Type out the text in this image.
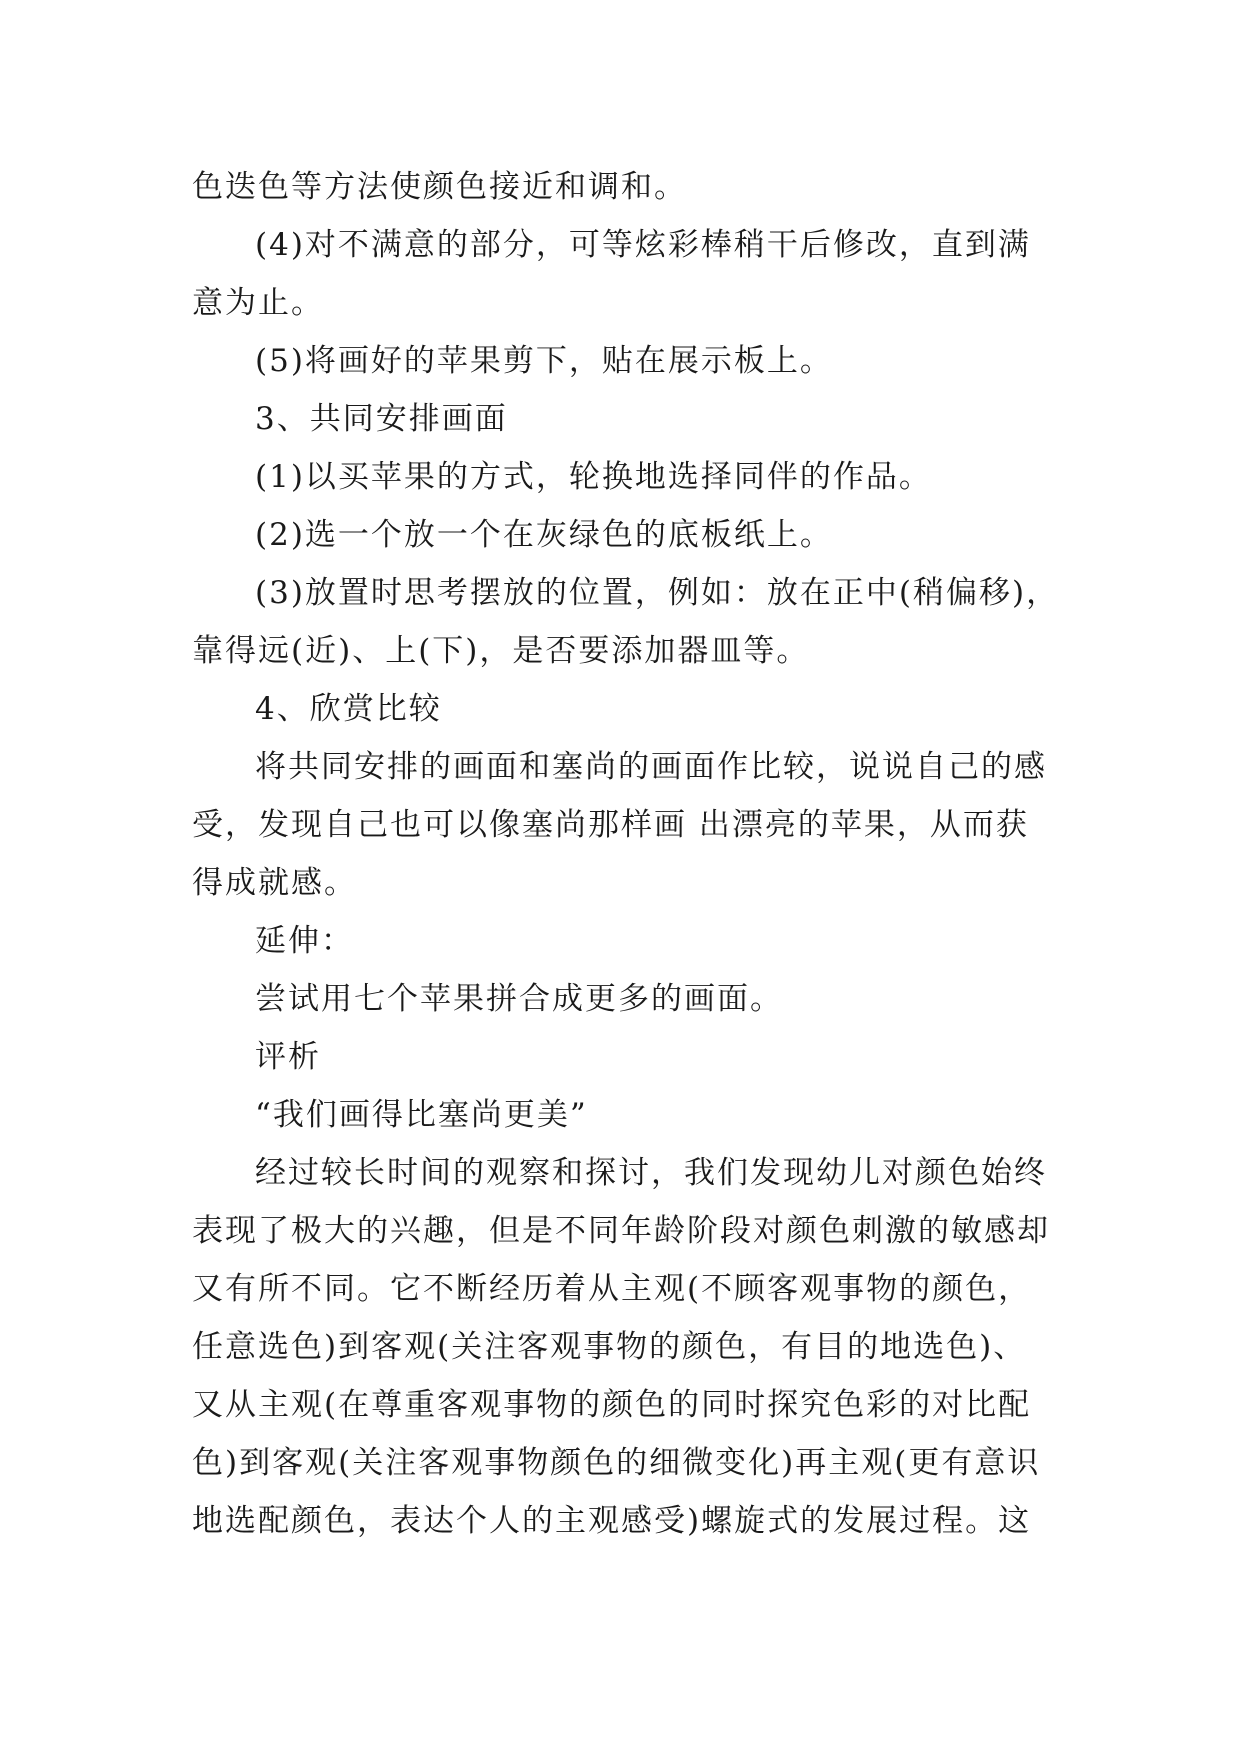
色迭色等方法使颜色接近和调和。

(4)对不满意的部分，可等炫彩棒稍干后修改，直到满

意为止。

(5)将画好的苹果剪下，贴在展示板上。

3、共同安排画面

(1)以买苹果的方式，轮换地选择同伴的作品。

(2)选一个放一个在灰绿色的底板纸上。

(3)放置时思考摆放的位置，例如：放在正中(稍偏移)，

靠得远(近)、上(下)，是否要添加器皿等。

4、欣赏比较

将共同安排的画面和塞尚的画面作比较，说说自己的感

受，发现自己也可以像塞尚那样画 出漂亮的苹果，从而获

得成就感。

延伸：

尝试用七个苹果拼合成更多的画面。

评析

“我们画得比塞尚更美”

经过较长时间的观察和探讨，我们发现幼儿对颜色始终

表现了极大的兴趣，但是不同年龄阶段对颜色刺激的敏感却

又有所不同。它不断经历着从主观(不顾客观事物的颜色，

任意选色)到客观(关注客观事物的颜色，有目的地选色)、

又从主观(在尊重客观事物的颜色的同时探究色彩的对比配

色)到客观(关注客观事物颜色的细微变化)再主观(更有意识

地选配颜色，表达个人的主观感受)螺旋式的发展过程。这
